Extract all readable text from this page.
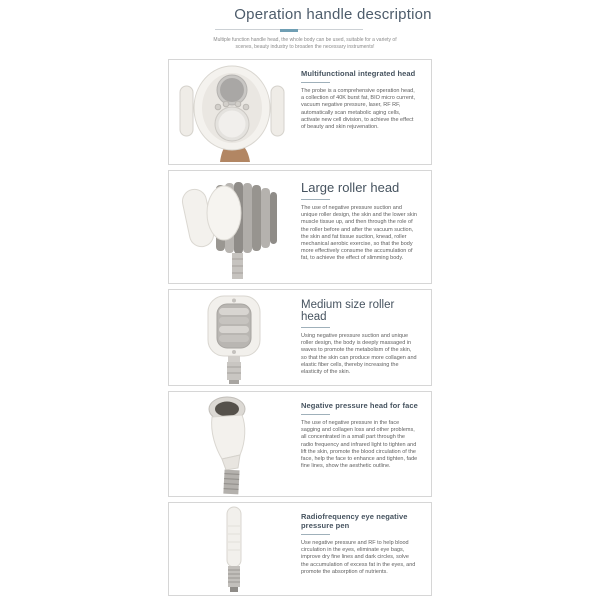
Operation handle description
Multiple function handle head, the whole body can be used, suitable for a variety of scenes, beauty industry to broaden the necessary instruments!
Multifunctional integrated head
The probe is a comprehensive operation head, a collection of 40K burst fat, BIO micro current, vacuum negative pressure, laser, RF RF, automatically scan metabolic aging cells, activate new cell division, to achieve the effect of beauty and skin rejuvenation.
Large roller head
The use of negative pressure suction and unique roller design, the skin and the lower skin muscle tissue up, and then through the role of the roller before and after the vacuum suction, the skin and fat tissue suction, knead, roller mechanical aerobic exercise, so that the body more effectively consume the accumulation of fat, to achieve the effect of slimming body.
Medium size roller head
Using negative pressure suction and unique roller design, the body is deeply massaged in waves to promote the metabolism of the skin, so that the skin can produce more collagen and elastic fiber cells, thereby increasing the elasticity of the skin.
Negative pressure head for face
The use of negative pressure in the face sagging and collagen loss and other problems, all concentrated in a small part through the radio frequency and infrared light to tighten and lift the skin, promote the blood circulation of the face, help the face to enhance and tighten, fade fine lines, show the aesthetic outline.
Radiofrequency eye negative pressure pen
Use negative pressure and RF to help blood circulation in the eyes, eliminate eye bags, improve dry fine lines and dark circles, solve the accumulation of excess fat in the eyes, and promote the absorption of nutrients.
